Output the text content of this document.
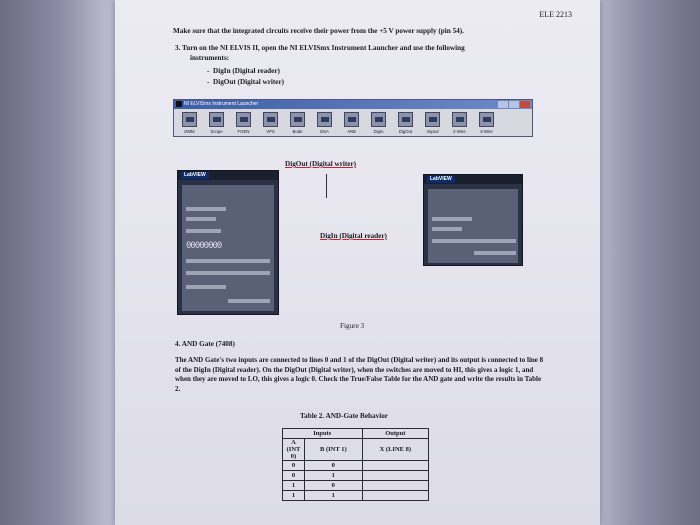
ELE 2213
Make sure that the integrated circuits receive their power from the +5 V power supply (pin 54).
3. Turn on the NI ELVIS II, open the NI ELVISmx Instrument Launcher and use the following
instruments:
-  DigIn (Digital reader)
-  DigOut (Digital writer)
NI ELVISmx Instrument Launcher
DMM	Scope	FGEN	VPS	Bode	DSA	ARB	DigIn	DigOut	Imped	2-Wire	3-Wire
LabVIEW
00000000
LabVIEW
DigOut (Digital writer)
DigIn (Digital reader)
Figure 3
4. AND Gate (7408)
The AND Gate's two inputs are connected to lines 0 and 1 of the DigOut (Digital writer) and its output is connected to line 8 of the DigIn (Digital reader). On the DigOut (Digital writer), when the switches are moved to HI, this gives a logic 1, and when they are moved to LO, this gives a logic 0. Check the True/False Table for the AND gate and write the results in Table 2.
Table 2. AND-Gate Behavior
Inputs		Output
A (INT 0)	B (INT 1)	X (LINE 8)
0	0	
0	1	
1	0	
1	1	
